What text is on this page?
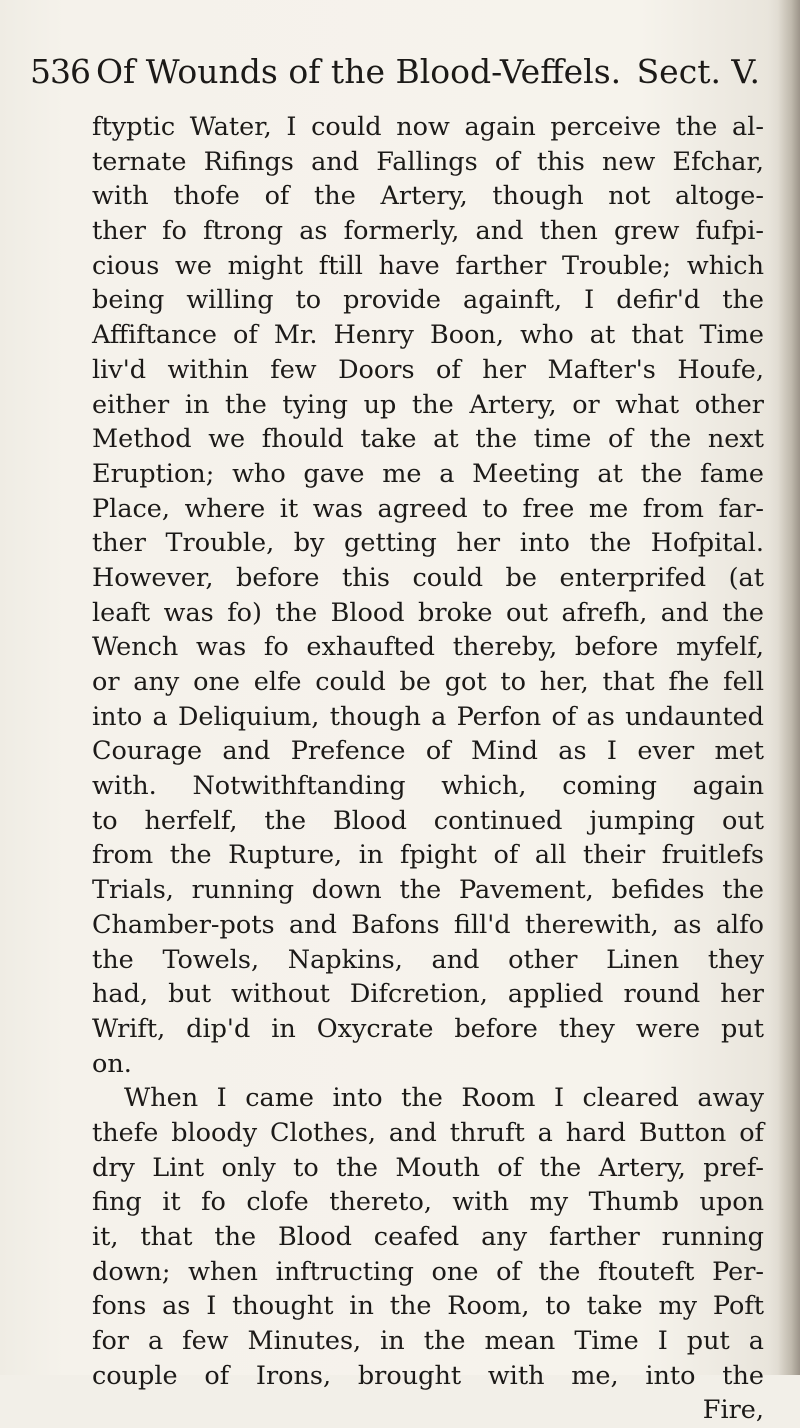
536 Of Wounds of the Blood-Veffels. Sect. V.
ftyptic Water, I could now again perceive the al-
ternate Rifings and Fallings of this new Efchar,
with thofe of the Artery, though not altoge-
ther fo ftrong as formerly, and then grew fufpi-
cious we might ftill have farther Trouble; which
being willing to provide againft, I defir'd the
Affiftance of Mr. Henry Boon, who at that Time
liv'd within few Doors of her Mafter's Houfe,
either in the tying up the Artery, or what other
Method we fhould take at the time of the next
Eruption; who gave me a Meeting at the fame
Place, where it was agreed to free me from far-
ther Trouble, by getting her into the Hofpital.
However, before this could be enterprifed (at
leaft was fo) the Blood broke out afrefh, and the
Wench was fo exhaufted thereby, before myfelf,
or any one elfe could be got to her, that fhe fell
into a Deliquium, though a Perfon of as undaunted
Courage and Prefence of Mind as I ever met
with. Notwithftanding which, coming again
to herfelf, the Blood continued jumping out
from the Rupture, in fpight of all their fruitlefs
Trials, running down the Pavement, befides the
Chamber-pots and Bafons fill'd therewith, as alfo
the Towels, Napkins, and other Linen they
had, but without Difcretion, applied round her
Wrift, dip'd in Oxycrate before they were put
on.
When I came into the Room I cleared away
thefe bloody Clothes, and thruft a hard Button of
dry Lint only to the Mouth of the Artery, pref-
fing it fo clofe thereto, with my Thumb upon
it, that the Blood ceafed any farther running
down; when inftructing one of the ftouteft Per-
fons as I thought in the Room, to take my Poft
for a few Minutes, in the mean Time I put a
couple of Irons, brought with me, into the
Fire,
